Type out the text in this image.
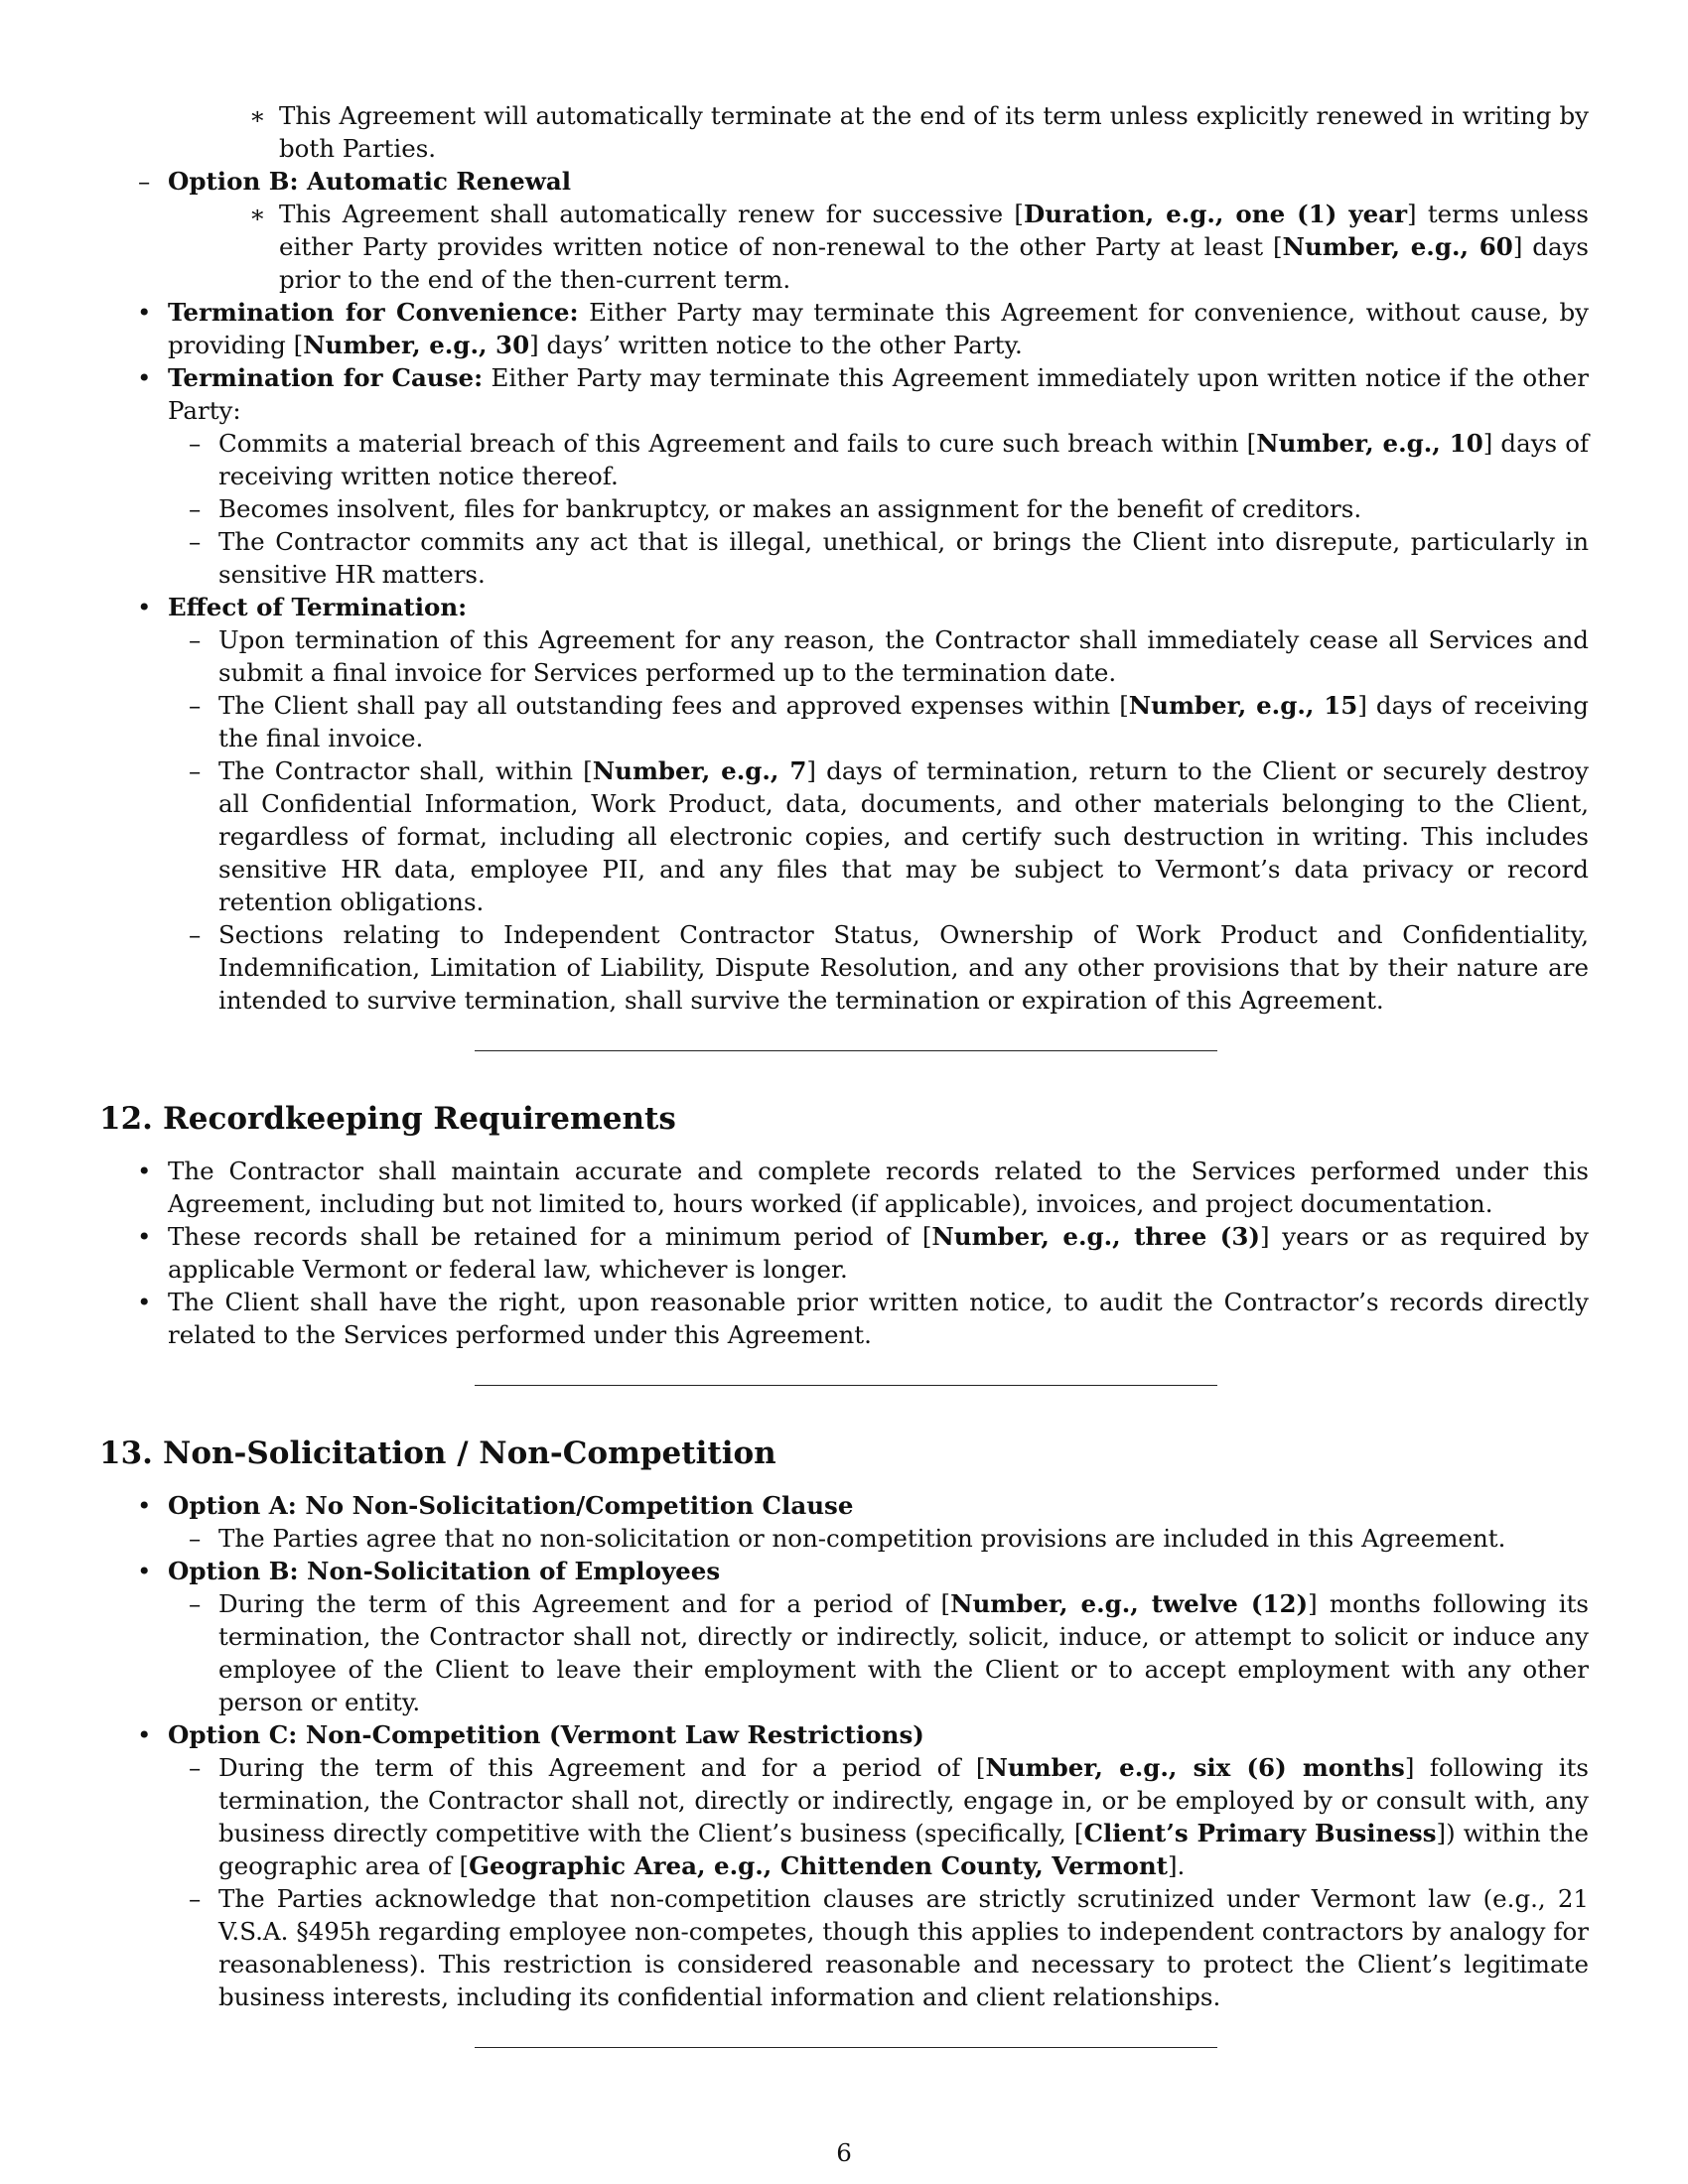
∗ This Agreement will automatically terminate at the end of its term unless explicitly renewed in writing by both Parties.
– Option B: Automatic Renewal
∗ This Agreement shall automatically renew for successive [Duration, e.g., one (1) year] terms unless either Party provides written notice of non-renewal to the other Party at least [Number, e.g., 60] days prior to the end of the then-current term.
• Termination for Convenience: Either Party may terminate this Agreement for convenience, without cause, by providing [Number, e.g., 30] days’ written notice to the other Party.
• Termination for Cause: Either Party may terminate this Agreement immediately upon written notice if the other Party:
– Commits a material breach of this Agreement and fails to cure such breach within [Number, e.g., 10] days of receiving written notice thereof.
– Becomes insolvent, files for bankruptcy, or makes an assignment for the benefit of creditors.
– The Contractor commits any act that is illegal, unethical, or brings the Client into disrepute, particularly in sensitive HR matters.
• Effect of Termination:
– Upon termination of this Agreement for any reason, the Contractor shall immediately cease all Services and submit a final invoice for Services performed up to the termination date.
– The Client shall pay all outstanding fees and approved expenses within [Number, e.g., 15] days of receiving the final invoice.
– The Contractor shall, within [Number, e.g., 7] days of termination, return to the Client or securely destroy all Confidential Information, Work Product, data, documents, and other materials belonging to the Client, regardless of format, including all electronic copies, and certify such destruction in writing. This includes sensitive HR data, employee PII, and any files that may be subject to Vermont’s data privacy or record retention obligations.
– Sections relating to Independent Contractor Status, Ownership of Work Product and Confidentiality, Indemnification, Limitation of Liability, Dispute Resolution, and any other provisions that by their nature are intended to survive termination, shall survive the termination or expiration of this Agreement.
12. Recordkeeping Requirements
• The Contractor shall maintain accurate and complete records related to the Services performed under this Agreement, including but not limited to, hours worked (if applicable), invoices, and project documentation.
• These records shall be retained for a minimum period of [Number, e.g., three (3)] years or as required by applicable Vermont or federal law, whichever is longer.
• The Client shall have the right, upon reasonable prior written notice, to audit the Contractor’s records directly related to the Services performed under this Agreement.
13. Non-Solicitation / Non-Competition
• Option A: No Non-Solicitation/Competition Clause
– The Parties agree that no non-solicitation or non-competition provisions are included in this Agreement.
• Option B: Non-Solicitation of Employees
– During the term of this Agreement and for a period of [Number, e.g., twelve (12)] months following its termination, the Contractor shall not, directly or indirectly, solicit, induce, or attempt to solicit or induce any employee of the Client to leave their employment with the Client or to accept employment with any other person or entity.
• Option C: Non-Competition (Vermont Law Restrictions)
– During the term of this Agreement and for a period of [Number, e.g., six (6) months] following its termination, the Contractor shall not, directly or indirectly, engage in, or be employed by or consult with, any business directly competitive with the Client’s business (specifically, [Client’s Primary Business]) within the geographic area of [Geographic Area, e.g., Chittenden County, Vermont].
– The Parties acknowledge that non-competition clauses are strictly scrutinized under Vermont law (e.g., 21 V.S.A. §495h regarding employee non-competes, though this applies to independent contractors by analogy for reasonableness). This restriction is considered reasonable and necessary to protect the Client’s legitimate business interests, including its confidential information and client relationships.
6
